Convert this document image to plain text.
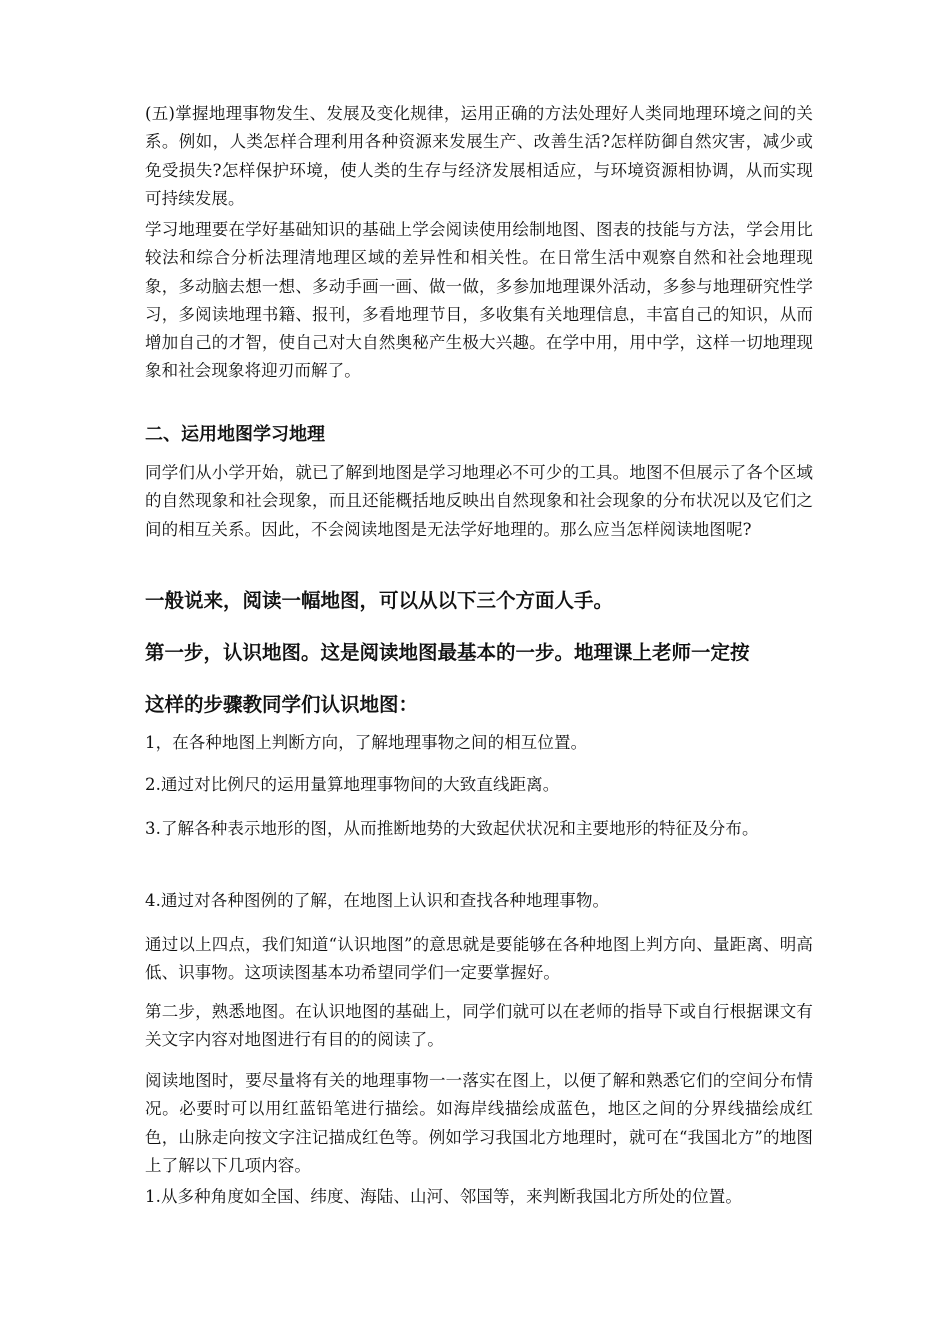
(五)掌握地理事物发生、发展及变化规律，运用正确的方法处理好人类同地理环境之间的关系。例如，人类怎样合理利用各种资源来发展生产、改善生活?怎样防御自然灾害，减少或免受损失?怎样保护环境，使人类的生存与经济发展相适应，与环境资源相协调，从而实现可持续发展。

学习地理要在学好基础知识的基础上学会阅读使用绘制地图、图表的技能与方法，学会用比较法和综合分析法理清地理区域的差异性和相关性。在日常生活中观察自然和社会地理现象，多动脑去想一想、多动手画一画、做一做，多参加地理课外活动，多参与地理研究性学习，多阅读地理书籍、报刊，多看地理节目，多收集有关地理信息，丰富自己的知识，从而增加自己的才智，使自己对大自然奥秘产生极大兴趣。在学中用，用中学，这样一切地理现象和社会现象将迎刃而解了。

二、运用地图学习地理

同学们从小学开始，就已了解到地图是学习地理必不可少的工具。地图不但展示了各个区域的自然现象和社会现象，而且还能概括地反映出自然现象和社会现象的分布状况以及它们之间的相互关系。因此，不会阅读地图是无法学好地理的。那么应当怎样阅读地图呢?

一般说来，阅读一幅地图，可以从以下三个方面人手。

第一步，认识地图。这是阅读地图最基本的一步。地理课上老师一定按

这样的步骤教同学们认识地图：

1，在各种地图上判断方向，了解地理事物之间的相互位置。

2.通过对比例尺的运用量算地理事物间的大致直线距离。

3.了解各种表示地形的图，从而推断地势的大致起伏状况和主要地形的特征及分布。

4.通过对各种图例的了解，在地图上认识和查找各种地理事物。

通过以上四点，我们知道“认识地图”的意思就是要能够在各种地图上判方向、量距离、明高低、识事物。这项读图基本功希望同学们一定要掌握好。

第二步，熟悉地图。在认识地图的基础上，同学们就可以在老师的指导下或自行根据课文有关文字内容对地图进行有目的的阅读了。

阅读地图时，要尽量将有关的地理事物一一落实在图上，以便了解和熟悉它们的空间分布情况。必要时可以用红蓝铅笔进行描绘。如海岸线描绘成蓝色，地区之间的分界线描绘成红色，山脉走向按文字注记描成红色等。例如学习我国北方地理时，就可在“我国北方”的地图上了解以下几项内容。

1.从多种角度如全国、纬度、海陆、山河、邻国等，来判断我国北方所处的位置。
